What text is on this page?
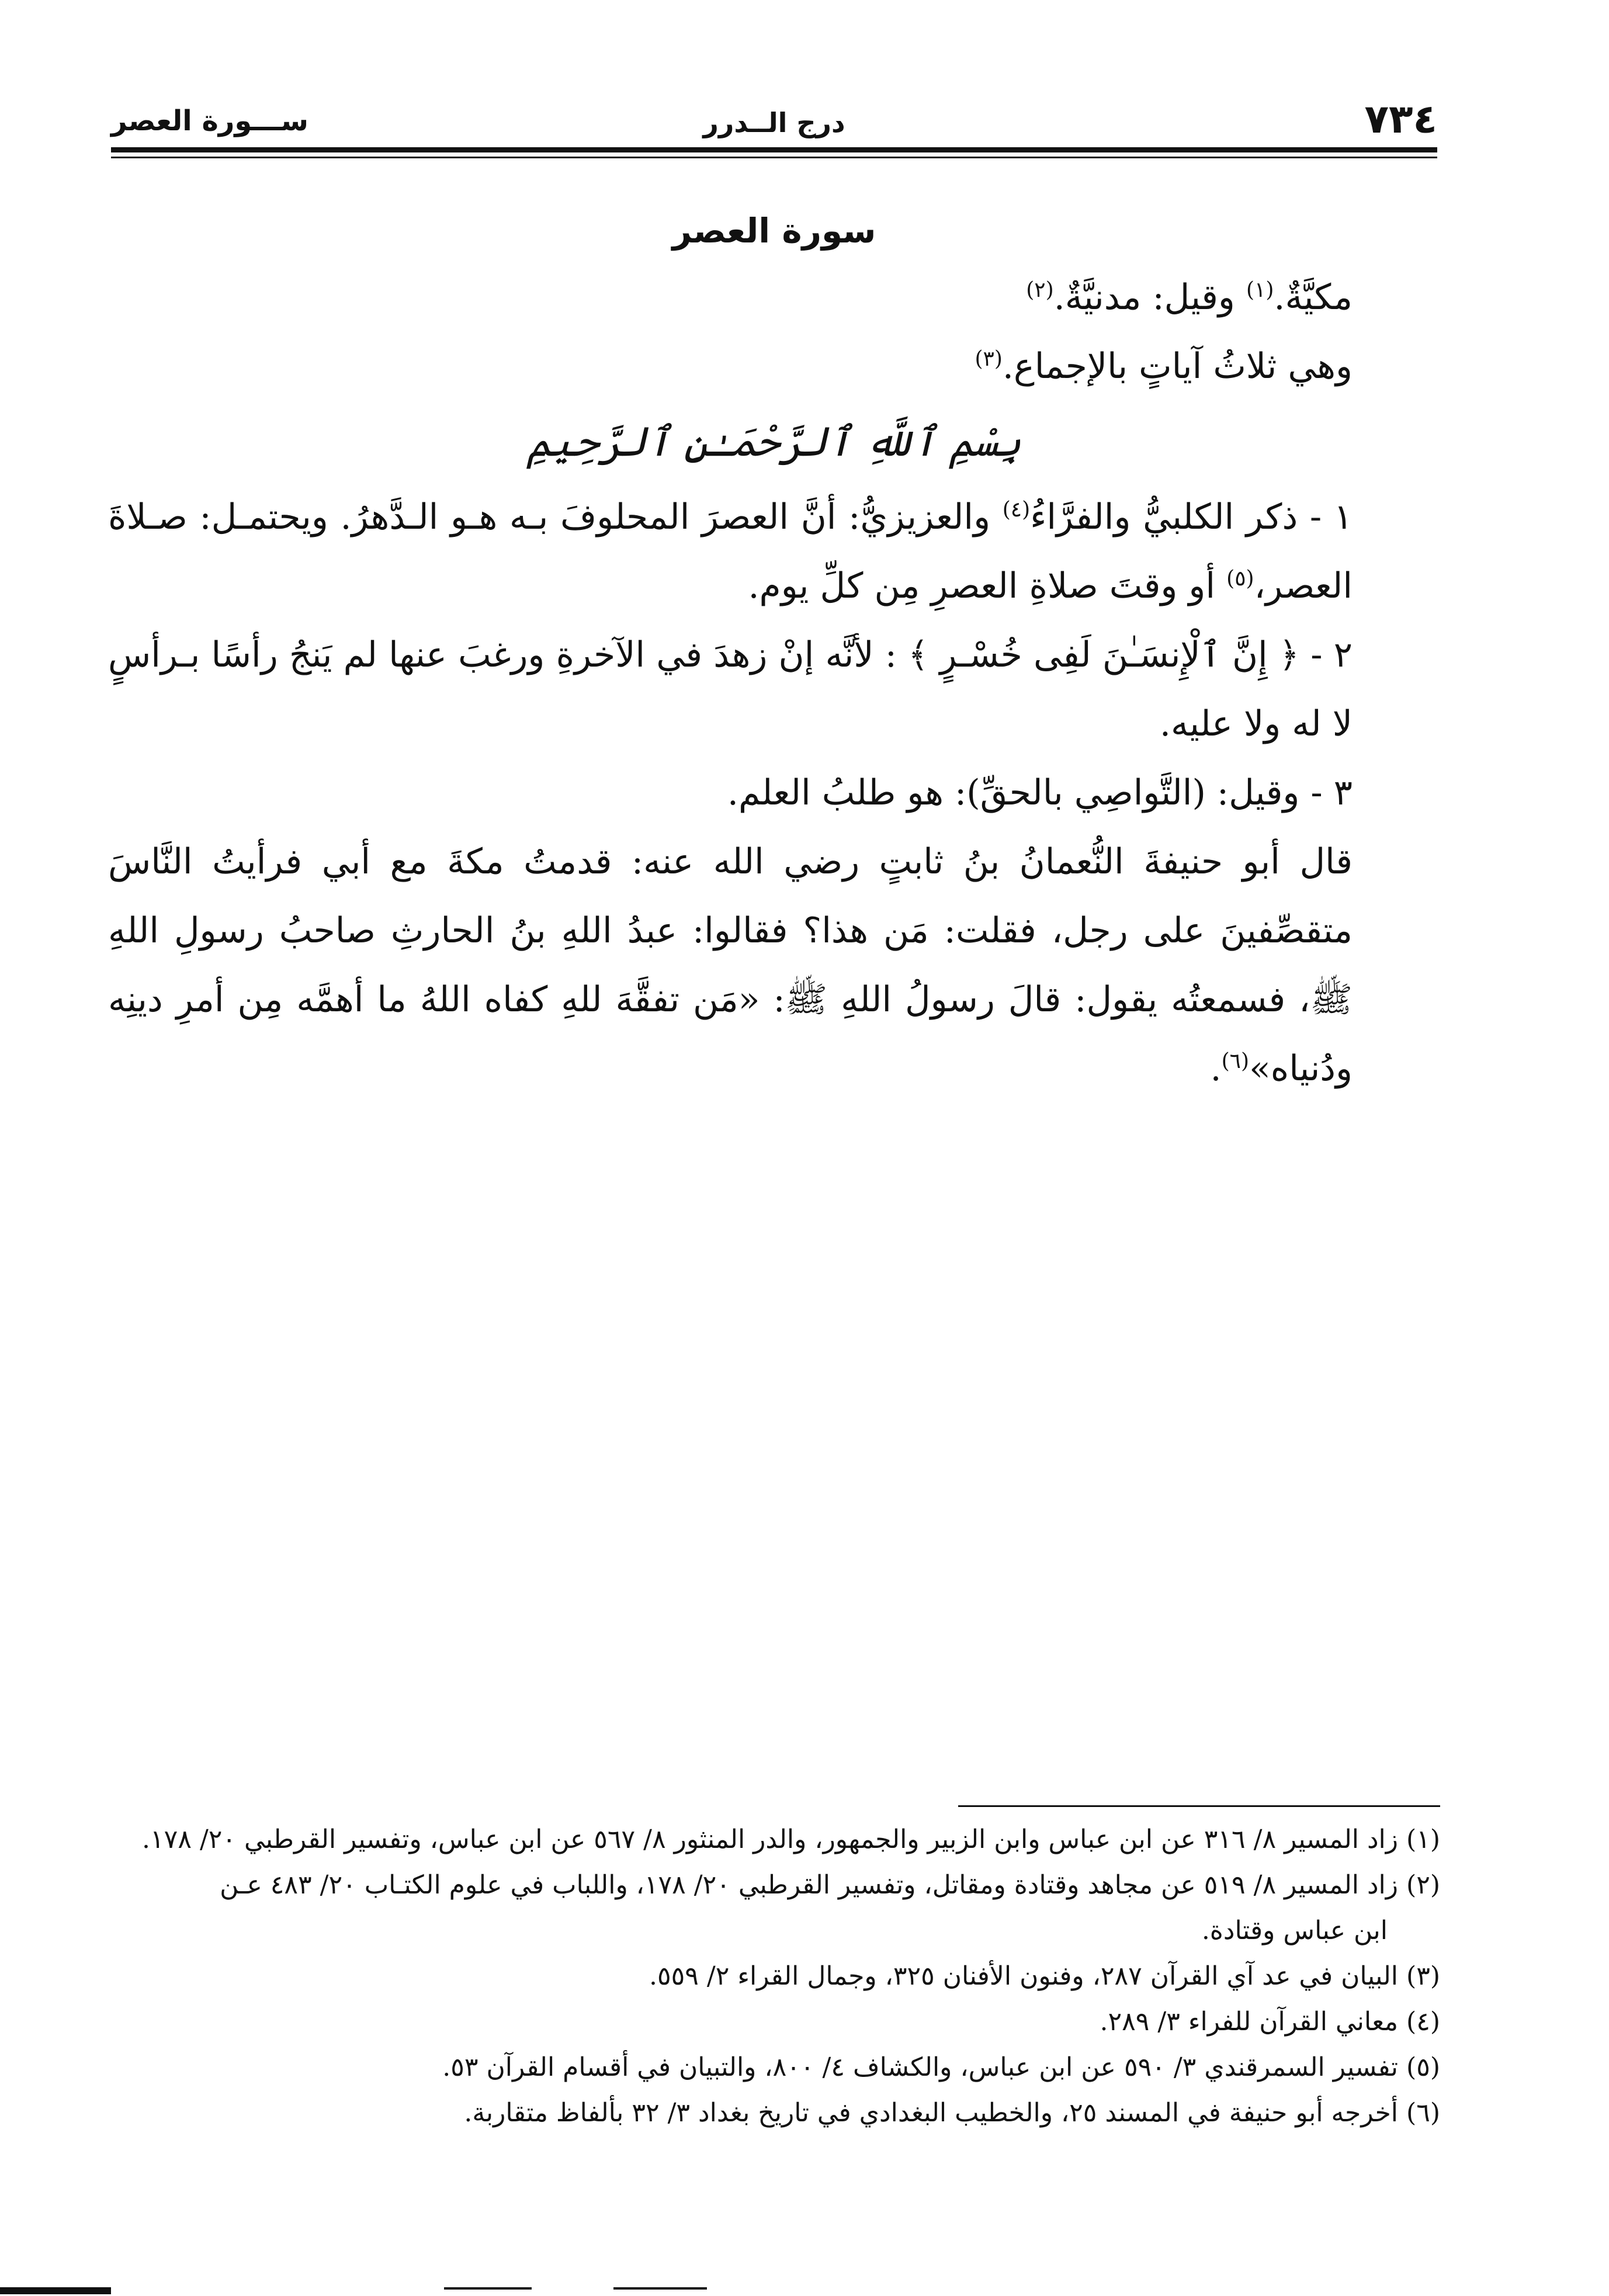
٧٣٤
درج الــدرر
ســـورة العصر

سورة العصر

مكيَّةٌ.$^{(١)}$ وقيل: مدنيَّةٌ.$^{(٢)}$

وهي ثلاثُ آياتٍ بالإجماع.$^{(٣)}$

بِسْمِ ٱللَّهِ ٱلرَّحْمَـٰنِ ٱلرَّحِيمِ

١ - ذكر الكلبيُّ والفرَّاءُ$^{(٤)}$ والعزيزيُّ: أنَّ العصرَ المحلوفَ بـه هـو الـدَّهرُ. ويحتمـل: صـلاةَ العصر،$^{(٥)}$ أو وقتَ صلاةِ العصرِ مِن كلِّ يوم.

٢ - ﴿ إِنَّ ٱلْإِنسَـٰنَ لَفِى خُسْـرٍ ﴾ : لأنَّه إنْ زهدَ في الآخرةِ ورغبَ عنها لم يَنجُ رأسًا بـرأسٍ لا له ولا عليه.

٣ - وقيل: (التَّواصِي بالحقِّ): هو طلبُ العلم.

قال أبو حنيفةَ النُّعمانُ بنُ ثابتٍ رضي الله عنه: قدمتُ مكةَ مع أبي فرأيتُ النَّاسَ متقصِّفينَ على رجل، فقلت: مَن هذا؟ فقالوا: عبدُ اللهِ بنُ الحارثِ صاحبُ رسولِ اللهِ ﷺ، فسمعتُه يقول: قالَ رسولُ اللهِ ﷺ: «مَن تفقَّهَ للهِ كفاه اللهُ ما أهمَّه مِن أمرِ دينِه ودُنياه»$^{(٦)}$.

(١) زاد المسير ٨/ ٣١٦ عن ابن عباس وابن الزبير والجمهور، والدر المنثور ٨/ ٥٦٧ عن ابن عباس، وتفسير القرطبي ٢٠/ ١٧٨.

(٢) زاد المسير ٨/ ٥١٩ عن مجاهد وقتادة ومقاتل، وتفسير القرطبي ٢٠/ ١٧٨، واللباب في علوم الكتـاب ٢٠/ ٤٨٣ عـن

ابن عباس وقتادة.

(٣) البيان في عد آي القرآن ٢٨٧، وفنون الأفنان ٣٢٥، وجمال القراء ٢/ ٥٥٩.

(٤) معاني القرآن للفراء ٣/ ٢٨٩.

(٥) تفسير السمرقندي ٣/ ٥٩٠ عن ابن عباس، والكشاف ٤/ ٨٠٠، والتبيان في أقسام القرآن ٥٣.

(٦) أخرجه أبو حنيفة في المسند ٢٥، والخطيب البغدادي في تاريخ بغداد ٣/ ٣٢ بألفاظ متقاربة.
